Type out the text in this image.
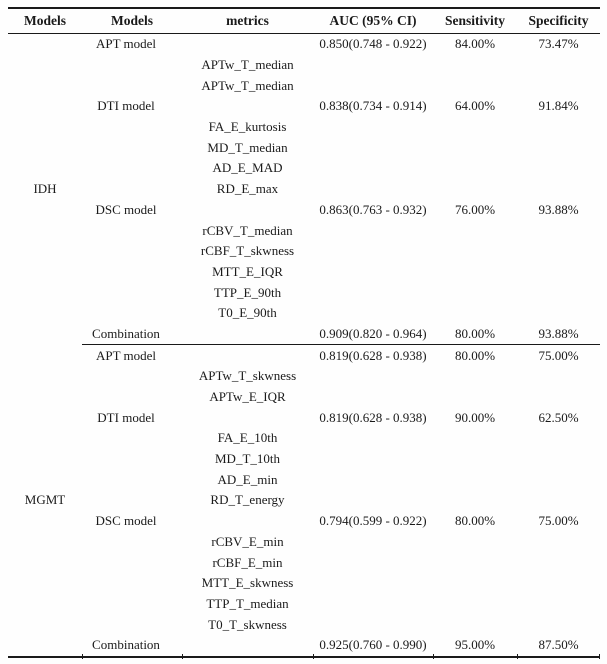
Models	Models	metrics	AUC (95% CI)	Sensitivity	Specificity
IDH	APT model		0.850(0.748 - 0.922)	84.00%	73.47%
		APTw_T_median			
		APTw_T_median			
	DTI model		0.838(0.734 - 0.914)	64.00%	91.84%
		FA_E_kurtosis			
		MD_T_median			
		AD_E_MAD			
		RD_E_max			
	DSC model		0.863(0.763 - 0.932)	76.00%	93.88%
		rCBV_T_median			
		rCBF_T_skwness			
		MTT_E_IQR			
		TTP_E_90th			
		T0_E_90th			
	Combination		0.909(0.820 - 0.964)	80.00%	93.88%
MGMT	APT model		0.819(0.628 - 0.938)	80.00%	75.00%
		APTw_T_skwness			
		APTw_E_IQR			
	DTI model		0.819(0.628 - 0.938)	90.00%	62.50%
		FA_E_10th			
		MD_T_10th			
		AD_E_min			
		RD_T_energy			
	DSC model		0.794(0.599 - 0.922)	80.00%	75.00%
		rCBV_E_min			
		rCBF_E_min			
		MTT_E_skwness			
		TTP_T_median			
		T0_T_skwness			
	Combination		0.925(0.760 - 0.990)	95.00%	87.50%
